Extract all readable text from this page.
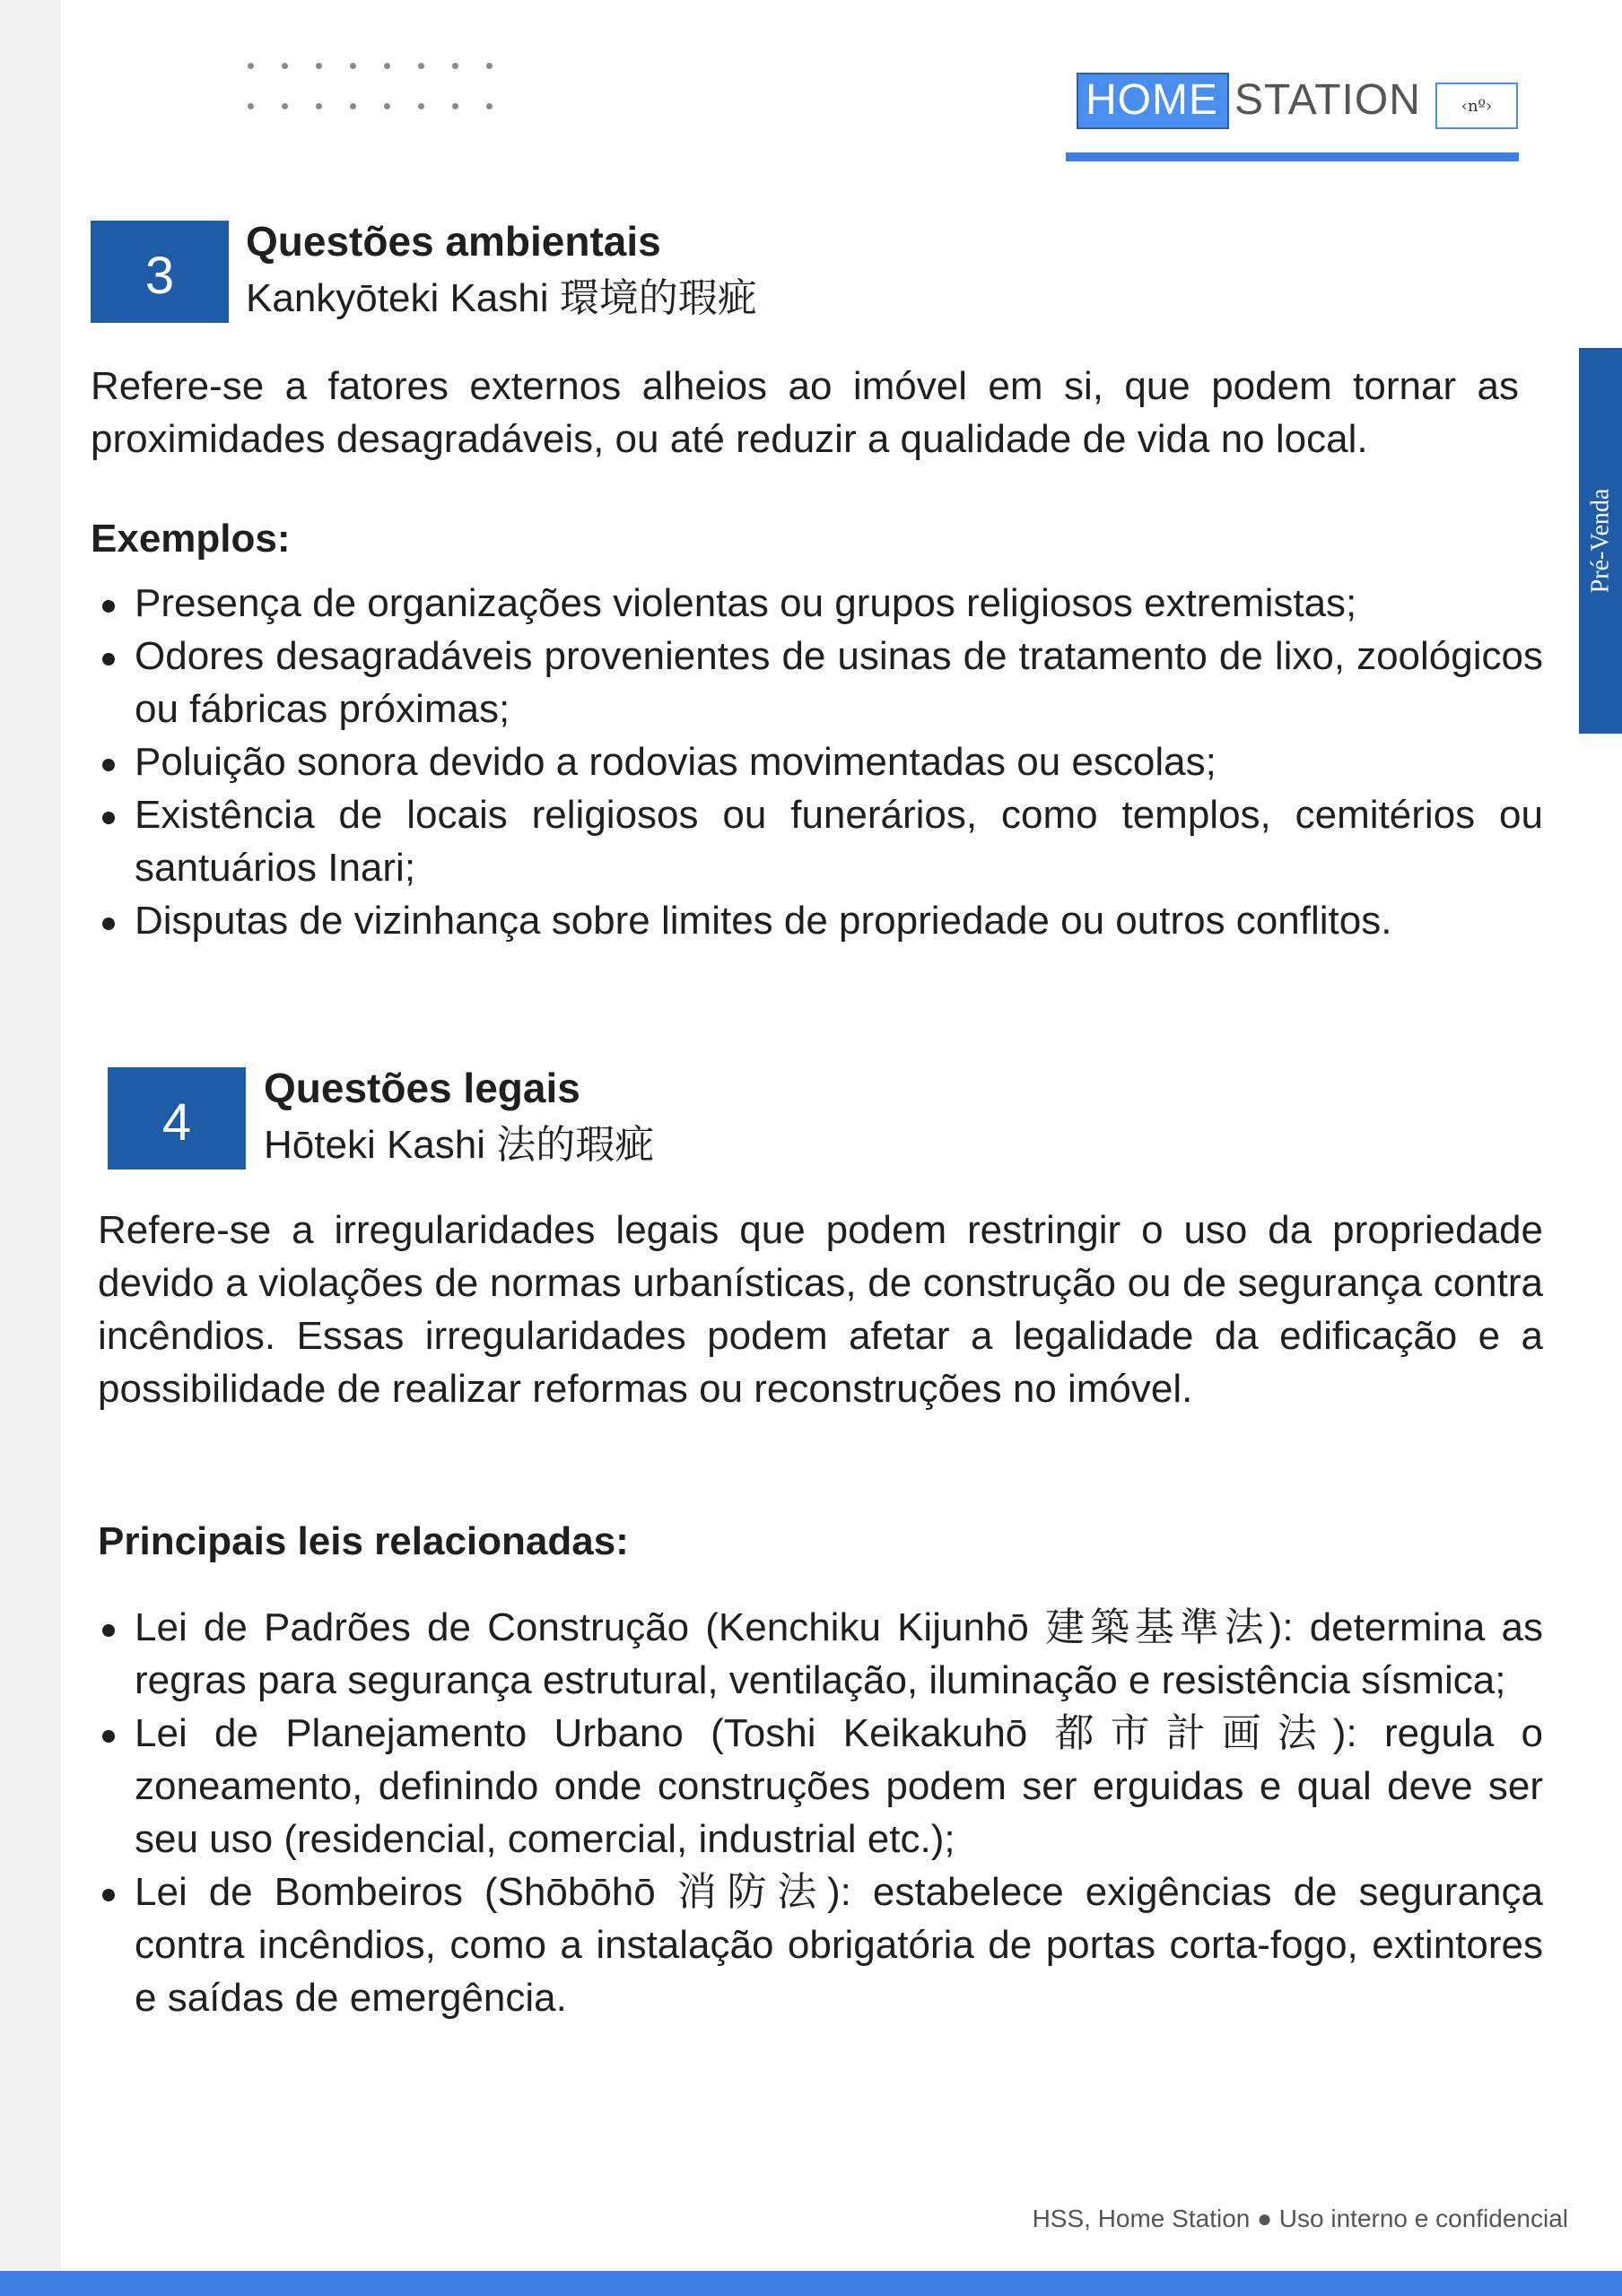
HOME STATION	‹nº›
Pré-Venda
3
Questões ambientais
Kankyōteki Kashi 環境的瑕疵
Refere-se a fatores externos alheios ao imóvel em si, que podem tornar as proximidades desagradáveis, ou até reduzir a qualidade de vida no local.
Exemplos:
Presença de organizações violentas ou grupos religiosos extremistas;
Odores desagradáveis provenientes de usinas de tratamento de lixo, zoológicos ou fábricas próximas;
Poluição sonora devido a rodovias movimentadas ou escolas;
Existência de locais religiosos ou funerários, como templos, cemitérios ou santuários Inari;
Disputas de vizinhança sobre limites de propriedade ou outros conflitos.
4
Questões legais
Hōteki Kashi 法的瑕疵
Refere-se a irregularidades legais que podem restringir o uso da propriedade devido a violações de normas urbanísticas, de construção ou de segurança contra incêndios. Essas irregularidades podem afetar a legalidade da edificação e a possibilidade de realizar reformas ou reconstruções no imóvel.
Principais leis relacionadas:
Lei de Padrões de Construção (Kenchiku Kijunhō 建築基準法): determina as regras para segurança estrutural, ventilação, iluminação e resistência sísmica;
Lei de Planejamento Urbano (Toshi Keikakuhō 都市計画法): regula o zoneamento, definindo onde construções podem ser erguidas e qual deve ser seu uso (residencial, comercial, industrial etc.);
Lei de Bombeiros (Shōbōhō 消防法): estabelece exigências de segurança contra incêndios, como a instalação obrigatória de portas corta-fogo, extintores e saídas de emergência.
HSS, Home Station ● Uso interno e confidencial
